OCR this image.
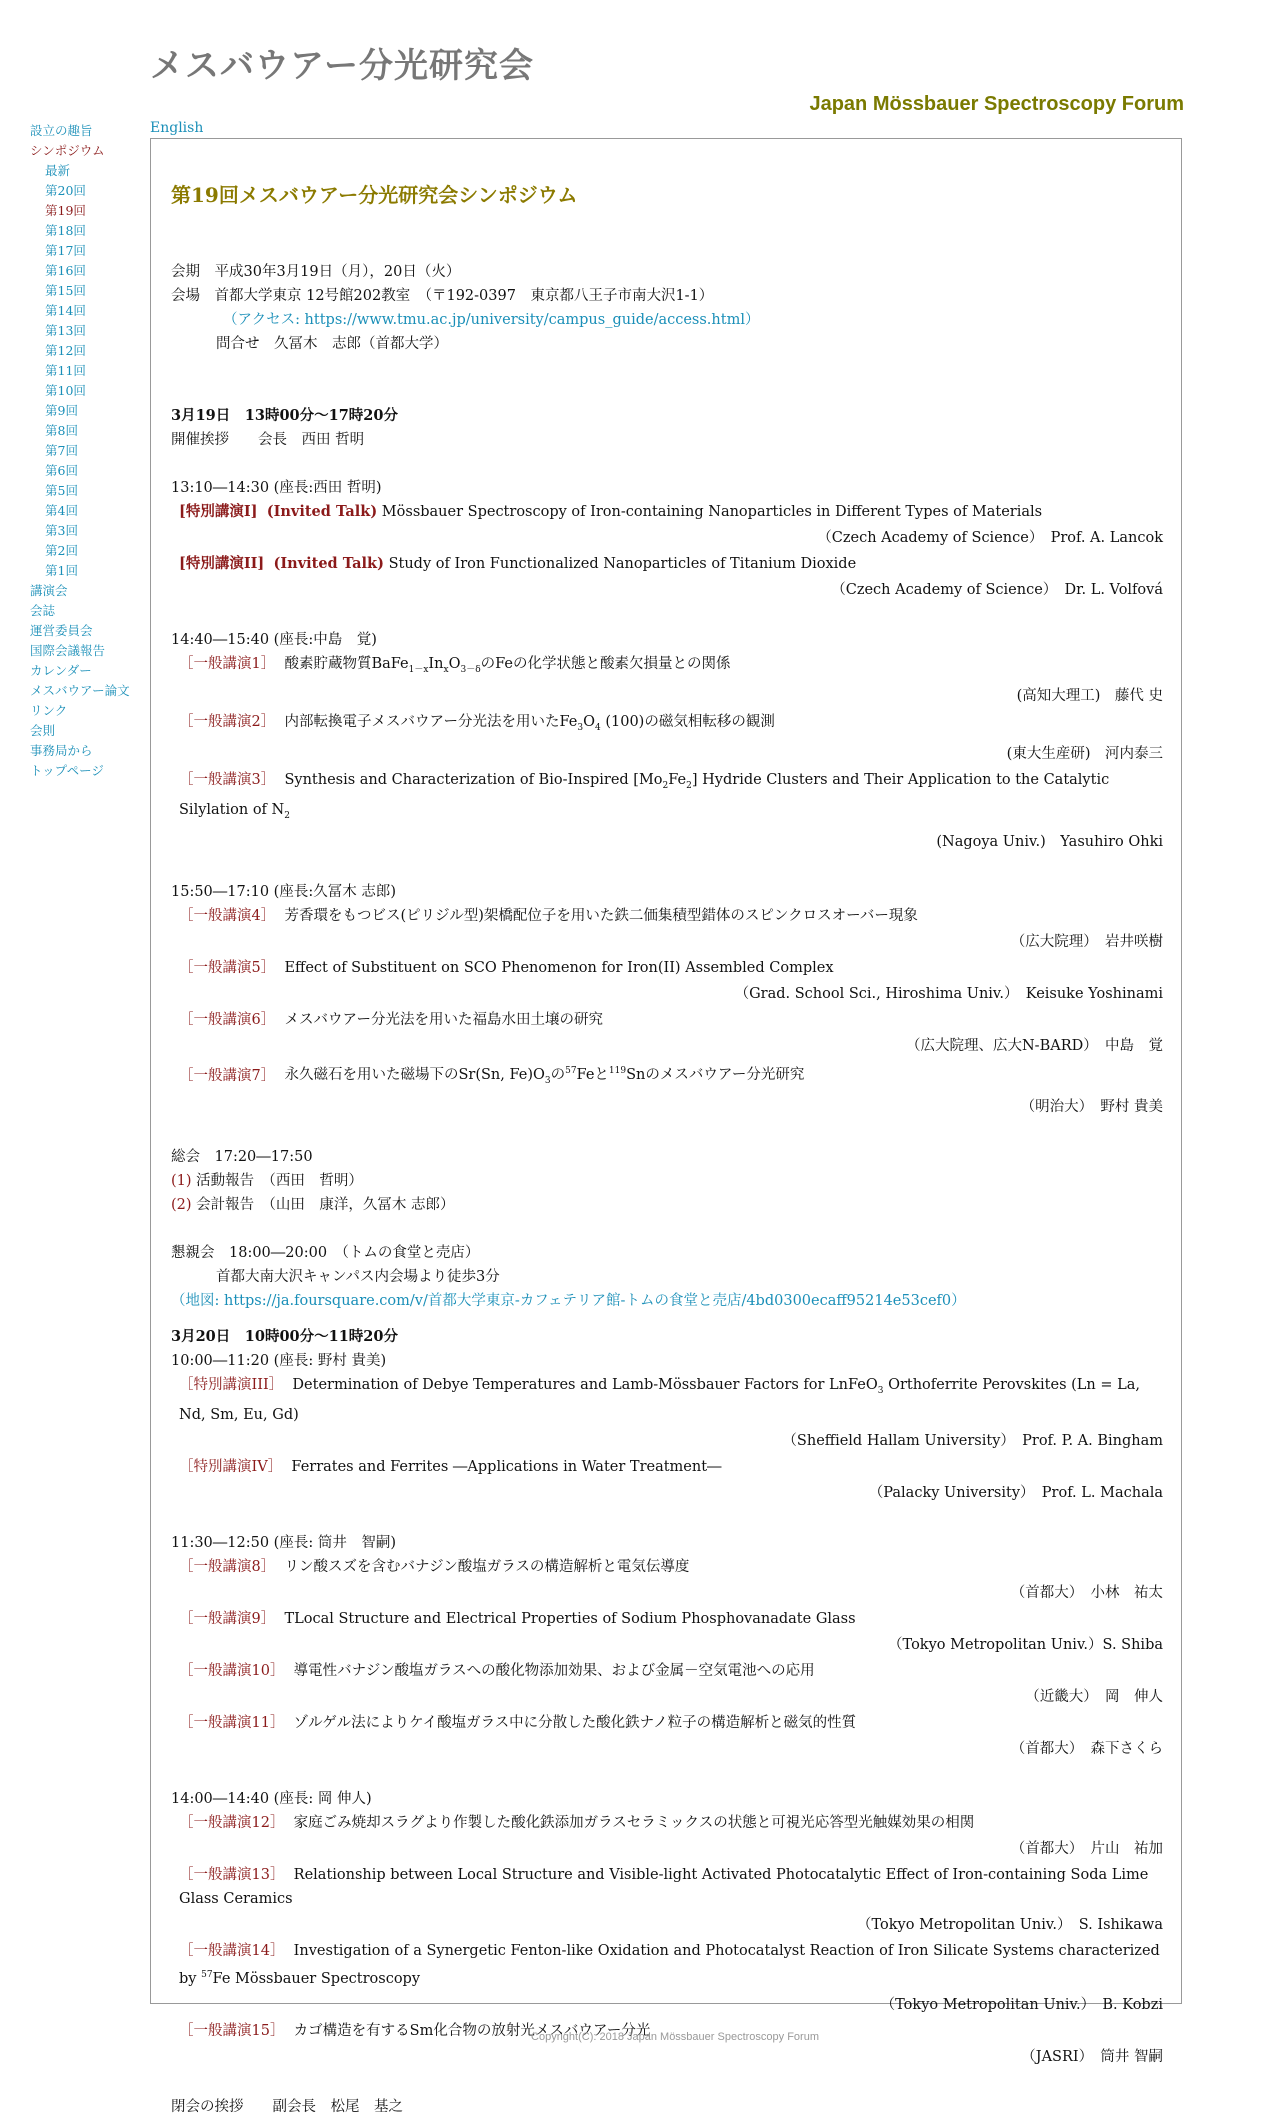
メスバウアー分光研究会
Japan Mössbauer Spectroscopy Forum
English
設立の趣旨
シンポジウム
最新
第20回
第19回
第18回
第17回
第16回
第15回
第14回
第13回
第12回
第11回
第10回
第9回
第8回
第7回
第6回
第5回
第4回
第3回
第2回
第1回
講演会
会誌
運営委員会
国際会議報告
カレンダー
メスバウアー論文
リンク
会則
事務局から
トップページ
第19回メスバウアー分光研究会シンポジウム
会期　平成30年3月19日（月），20日（火）
会場　首都大学東京 12号館202教室　（〒192-0397　東京都八王子市南大沢1-1）
（アクセス: https://www.tmu.ac.jp/university/campus_guide/access.html）
問合せ　久冨木　志郎（首都大学）
3月19日　13時00分～17時20分
開催挨拶　　会長　西田 哲明
13:10―14:30 (座長:西田 哲明)
[特別講演I] (Invited Talk) Mössbauer Spectroscopy of Iron-containing Nanoparticles in Different Types of Materials
（Czech Academy of Science）　Prof. A. Lancok
[特別講演II] (Invited Talk) Study of Iron Functionalized Nanoparticles of Titanium Dioxide
（Czech Academy of Science）　Dr. L. Volfová
14:40―15:40 (座長:中島　覚)
［一般講演1］ 酸素貯蔵物質$BaFe_{1-x}In_xO_{3-\delta}$のFeの化学状態と酸素欠損量との関係
(高知大理工)　藤代 史
［一般講演2］ 内部転換電子メスバウアー分光法を用いた$Fe_3O_4$ (100)の磁気相転移の観測
(東大生産研)　河内泰三
［一般講演3］ Synthesis and Characterization of Bio-Inspired $[Mo_2Fe_2]$ Hydride Clusters and Their Application to the Catalytic Silylation of $N_2$
(Nagoya Univ.)　Yasuhiro Ohki
15:50―17:10 (座長:久冨木 志郎)
［一般講演4］ 芳香環をもつビス(ピリジル型)架橋配位子を用いた鉄二価集積型錯体のスピンクロスオーバー現象
（広大院理）　岩井咲樹
［一般講演5］ Effect of Substituent on SCO Phenomenon for Iron(II) Assembled Complex
（Grad. School Sci., Hiroshima Univ.）　Keisuke Yoshinami
［一般講演6］ メスバウアー分光法を用いた福島水田土壌の研究
（広大院理、広大N-BARD）　中島　覚
［一般講演7］ 永久磁石を用いた磁場下のSr(Sn, $Fe)O_3$の$^{57}$Feと$^{119}$Snのメスバウアー分光研究
（明治大）　野村 貴美
総会　17:20―17:50
(1) 活動報告　（西田　哲明）
(2) 会計報告　（山田　康洋，久冨木 志郎）
懇親会　18:00―20:00　（トムの食堂と売店）
首都大南大沢キャンパス内会場より徒歩3分
（地図: https://ja.foursquare.com/v/首都大学東京-カフェテリア館-トムの食堂と売店/4bd0300ecaff95214e53cef0）
3月20日　10時00分～11時20分
10:00―11:20 (座長: 野村 貴美)
［特別講演III］ Determination of Debye Temperatures and Lamb-Mössbauer Factors for LnFeO$_3$ Orthoferrite Perovskites (Ln = La, Nd, Sm, Eu, Gd)
（Sheffield Hallam University）　Prof. P. A. Bingham
［特別講演IV］ Ferrates and Ferrites ―Applications in Water Treatment―
（Palacky University）　Prof. L. Machala
11:30―12:50 (座長: 筒井　智嗣)
［一般講演8］ リン酸スズを含むバナジン酸塩ガラスの構造解析と電気伝導度
（首都大）　小林　祐太
［一般講演9］ TLocal Structure and Electrical Properties of Sodium Phosphovanadate Glass
（Tokyo Metropolitan Univ.）S. Shiba
［一般講演10］ 導電性バナジン酸塩ガラスへの酸化物添加効果、および金属－空気電池への応用
（近畿大）　岡　伸人
［一般講演11］ ゾルゲル法によりケイ酸塩ガラス中に分散した酸化鉄ナノ粒子の構造解析と磁気的性質
（首都大）　森下さくら
14:00―14:40 (座長: 岡 伸人)
［一般講演12］ 家庭ごみ焼却スラグより作製した酸化鉄添加ガラスセラミックスの状態と可視光応答型光触媒効果の相関
（首都大）　片山　祐加
［一般講演13］ Relationship between Local Structure and Visible-light Activated Photocatalytic Effect of Iron-containing Soda Lime Glass Ceramics
（Tokyo Metropolitan Univ.）　S. Ishikawa
［一般講演14］ Investigation of a Synergetic Fenton-like Oxidation and Photocatalyst Reaction of Iron Silicate Systems characterized by $^{57}$Fe Mössbauer Spectroscopy
（Tokyo Metropolitan Univ.）　B. Kobzi
［一般講演15］ カゴ構造を有するSm化合物の放射光メスバウアー分光
（JASRI）　筒井 智嗣
閉会の挨拶　　副会長　松尾　基之
Copyright(C): 2018 Japan Mössbauer Spectroscopy Forum
